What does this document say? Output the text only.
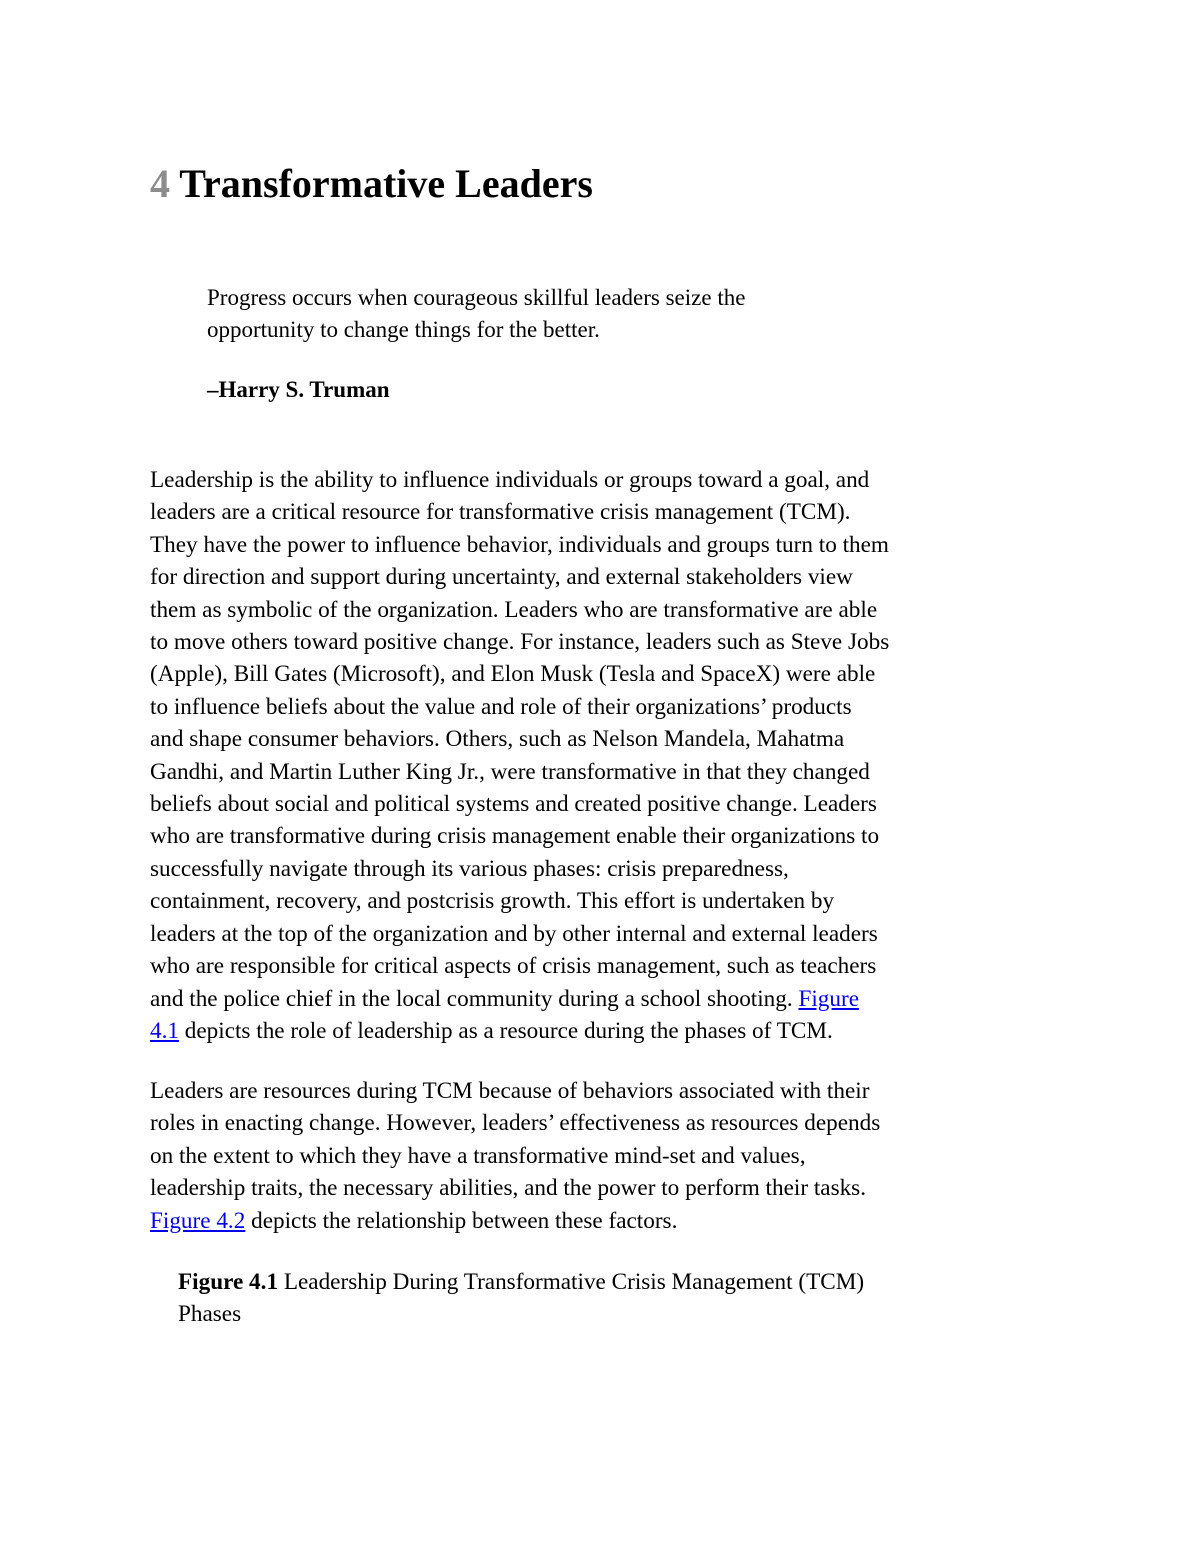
4 Transformative Leaders
Progress occurs when courageous skillful leaders seize the
opportunity to change things for the better.

–Harry S. Truman

Leadership is the ability to influence individuals or groups toward a goal, and
leaders are a critical resource for transformative crisis management (TCM).
They have the power to influence behavior, individuals and groups turn to them
for direction and support during uncertainty, and external stakeholders view
them as symbolic of the organization. Leaders who are transformative are able
to move others toward positive change. For instance, leaders such as Steve Jobs
(Apple), Bill Gates (Microsoft), and Elon Musk (Tesla and SpaceX) were able
to influence beliefs about the value and role of their organizations’ products
and shape consumer behaviors. Others, such as Nelson Mandela, Mahatma
Gandhi, and Martin Luther King Jr., were transformative in that they changed
beliefs about social and political systems and created positive change. Leaders
who are transformative during crisis management enable their organizations to
successfully navigate through its various phases: crisis preparedness,
containment, recovery, and postcrisis growth. This effort is undertaken by
leaders at the top of the organization and by other internal and external leaders
who are responsible for critical aspects of crisis management, such as teachers
and the police chief in the local community during a school shooting. Figure
4.1 depicts the role of leadership as a resource during the phases of TCM.
Leaders are resources during TCM because of behaviors associated with their
roles in enacting change. However, leaders’ effectiveness as resources depends
on the extent to which they have a transformative mind-set and values,
leadership traits, the necessary abilities, and the power to perform their tasks.
Figure 4.2 depicts the relationship between these factors.
Figure 4.1 Leadership During Transformative Crisis Management (TCM)
Phases
